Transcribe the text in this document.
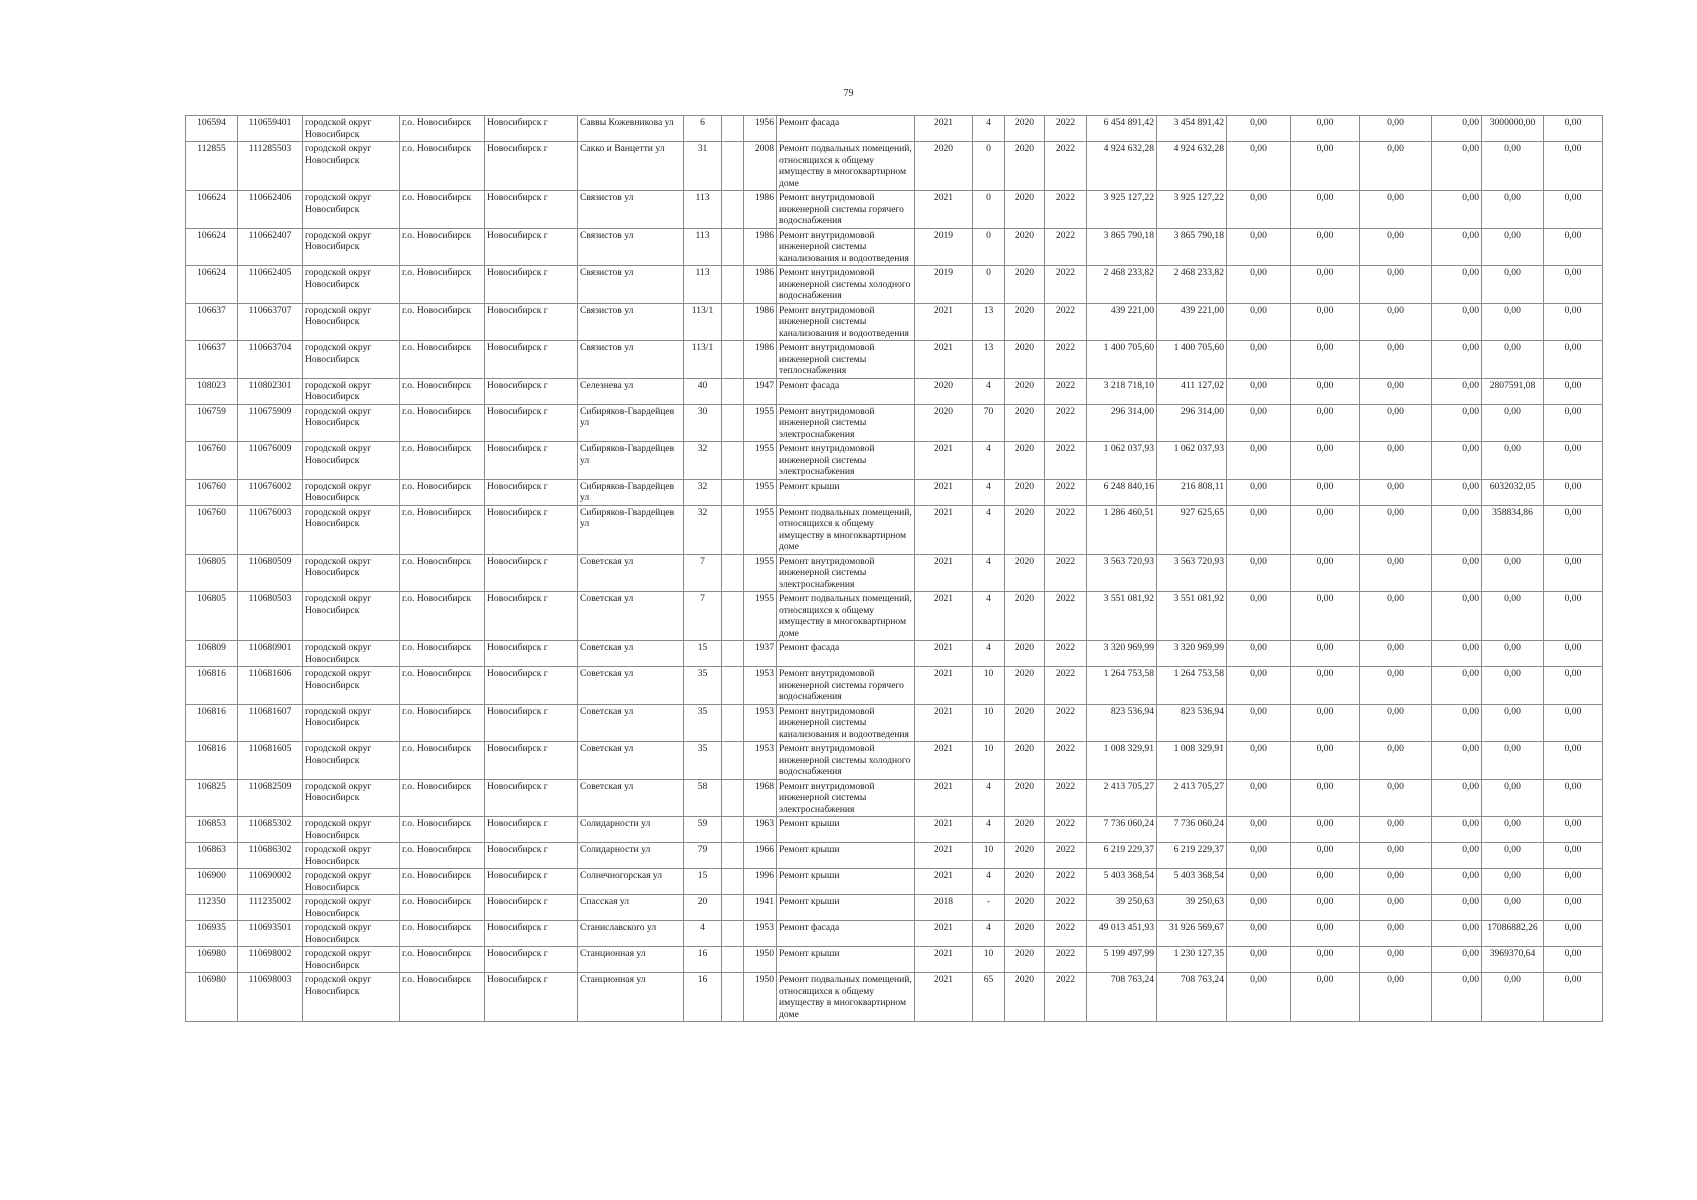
79
106594	110659401	городской округ Новосибирск	г.о. Новосибирск	Новосибирск г	Саввы Кожевникова ул	6		1956	Ремонт фасада	2021	4	2020	2022	6 454 891,42	3 454 891,42	0,00	0,00	0,00	0,00	3000000,00	0,00
112855	111285503	городской округ Новосибирск	г.о. Новосибирск	Новосибирск г	Сакко и Ванцетти ул	31		2008	Ремонт подвальных помещений, относящихся к общему имуществу в многоквартирном доме	2020	0	2020	2022	4 924 632,28	4 924 632,28	0,00	0,00	0,00	0,00	0,00	0,00
106624	110662406	городской округ Новосибирск	г.о. Новосибирск	Новосибирск г	Связистов ул	113		1986	Ремонт внутридомовой инженерной системы горячего водоснабжения	2021	0	2020	2022	3 925 127,22	3 925 127,22	0,00	0,00	0,00	0,00	0,00	0,00
106624	110662407	городской округ Новосибирск	г.о. Новосибирск	Новосибирск г	Связистов ул	113		1986	Ремонт внутридомовой инженерной системы канализования и водоотведения	2019	0	2020	2022	3 865 790,18	3 865 790,18	0,00	0,00	0,00	0,00	0,00	0,00
106624	110662405	городской округ Новосибирск	г.о. Новосибирск	Новосибирск г	Связистов ул	113		1986	Ремонт внутридомовой инженерной системы холодного водоснабжения	2019	0	2020	2022	2 468 233,82	2 468 233,82	0,00	0,00	0,00	0,00	0,00	0,00
106637	110663707	городской округ Новосибирск	г.о. Новосибирск	Новосибирск г	Связистов ул	113/1		1986	Ремонт внутридомовой инженерной системы канализования и водоотведения	2021	13	2020	2022	439 221,00	439 221,00	0,00	0,00	0,00	0,00	0,00	0,00
106637	110663704	городской округ Новосибирск	г.о. Новосибирск	Новосибирск г	Связистов ул	113/1		1986	Ремонт внутридомовой инженерной системы теплоснабжения	2021	13	2020	2022	1 400 705,60	1 400 705,60	0,00	0,00	0,00	0,00	0,00	0,00
108023	110802301	городской округ Новосибирск	г.о. Новосибирск	Новосибирск г	Селезнева ул	40		1947	Ремонт фасада	2020	4	2020	2022	3 218 718,10	411 127,02	0,00	0,00	0,00	0,00	2807591,08	0,00
106759	110675909	городской округ Новосибирск	г.о. Новосибирск	Новосибирск г	Сибиряков-Гвардейцев ул	30		1955	Ремонт внутридомовой инженерной системы электроснабжения	2020	70	2020	2022	296 314,00	296 314,00	0,00	0,00	0,00	0,00	0,00	0,00
106760	110676009	городской округ Новосибирск	г.о. Новосибирск	Новосибирск г	Сибиряков-Гвардейцев ул	32		1955	Ремонт внутридомовой инженерной системы электроснабжения	2021	4	2020	2022	1 062 037,93	1 062 037,93	0,00	0,00	0,00	0,00	0,00	0,00
106760	110676002	городской округ Новосибирск	г.о. Новосибирск	Новосибирск г	Сибиряков-Гвардейцев ул	32		1955	Ремонт крыши	2021	4	2020	2022	6 248 840,16	216 808,11	0,00	0,00	0,00	0,00	6032032,05	0,00
106760	110676003	городской округ Новосибирск	г.о. Новосибирск	Новосибирск г	Сибиряков-Гвардейцев ул	32		1955	Ремонт подвальных помещений, относящихся к общему имуществу в многоквартирном доме	2021	4	2020	2022	1 286 460,51	927 625,65	0,00	0,00	0,00	0,00	358834,86	0,00
106805	110680509	городской округ Новосибирск	г.о. Новосибирск	Новосибирск г	Советская ул	7		1955	Ремонт внутридомовой инженерной системы электроснабжения	2021	4	2020	2022	3 563 720,93	3 563 720,93	0,00	0,00	0,00	0,00	0,00	0,00
106805	110680503	городской округ Новосибирск	г.о. Новосибирск	Новосибирск г	Советская ул	7		1955	Ремонт подвальных помещений, относящихся к общему имуществу в многоквартирном доме	2021	4	2020	2022	3 551 081,92	3 551 081,92	0,00	0,00	0,00	0,00	0,00	0,00
106809	110680901	городской округ Новосибирск	г.о. Новосибирск	Новосибирск г	Советская ул	15		1937	Ремонт фасада	2021	4	2020	2022	3 320 969,99	3 320 969,99	0,00	0,00	0,00	0,00	0,00	0,00
106816	110681606	городской округ Новосибирск	г.о. Новосибирск	Новосибирск г	Советская ул	35		1953	Ремонт внутридомовой инженерной системы горячего водоснабжения	2021	10	2020	2022	1 264 753,58	1 264 753,58	0,00	0,00	0,00	0,00	0,00	0,00
106816	110681607	городской округ Новосибирск	г.о. Новосибирск	Новосибирск г	Советская ул	35		1953	Ремонт внутридомовой инженерной системы канализования и водоотведения	2021	10	2020	2022	823 536,94	823 536,94	0,00	0,00	0,00	0,00	0,00	0,00
106816	110681605	городской округ Новосибирск	г.о. Новосибирск	Новосибирск г	Советская ул	35		1953	Ремонт внутридомовой инженерной системы холодного водоснабжения	2021	10	2020	2022	1 008 329,91	1 008 329,91	0,00	0,00	0,00	0,00	0,00	0,00
106825	110682509	городской округ Новосибирск	г.о. Новосибирск	Новосибирск г	Советская ул	58		1968	Ремонт внутридомовой инженерной системы электроснабжения	2021	4	2020	2022	2 413 705,27	2 413 705,27	0,00	0,00	0,00	0,00	0,00	0,00
106853	110685302	городской округ Новосибирск	г.о. Новосибирск	Новосибирск г	Солидарности ул	59		1963	Ремонт крыши	2021	4	2020	2022	7 736 060,24	7 736 060,24	0,00	0,00	0,00	0,00	0,00	0,00
106863	110686302	городской округ Новосибирск	г.о. Новосибирск	Новосибирск г	Солидарности ул	79		1966	Ремонт крыши	2021	10	2020	2022	6 219 229,37	6 219 229,37	0,00	0,00	0,00	0,00	0,00	0,00
106900	110690002	городской округ Новосибирск	г.о. Новосибирск	Новосибирск г	Солнечногорская ул	15		1996	Ремонт крыши	2021	4	2020	2022	5 403 368,54	5 403 368,54	0,00	0,00	0,00	0,00	0,00	0,00
112350	111235002	городской округ Новосибирск	г.о. Новосибирск	Новосибирск г	Спасская ул	20		1941	Ремонт крыши	2018	-	2020	2022	39 250,63	39 250,63	0,00	0,00	0,00	0,00	0,00	0,00
106935	110693501	городской округ Новосибирск	г.о. Новосибирск	Новосибирск г	Станиславского ул	4		1953	Ремонт фасада	2021	4	2020	2022	49 013 451,93	31 926 569,67	0,00	0,00	0,00	0,00	17086882,26	0,00
106980	110698002	городской округ Новосибирск	г.о. Новосибирск	Новосибирск г	Станционная ул	16		1950	Ремонт крыши	2021	10	2020	2022	5 199 497,99	1 230 127,35	0,00	0,00	0,00	0,00	3969370,64	0,00
106980	110698003	городской округ Новосибирск	г.о. Новосибирск	Новосибирск г	Станционная ул	16		1950	Ремонт подвальных помещений, относящихся к общему имуществу в многоквартирном доме	2021	65	2020	2022	708 763,24	708 763,24	0,00	0,00	0,00	0,00	0,00	0,00
